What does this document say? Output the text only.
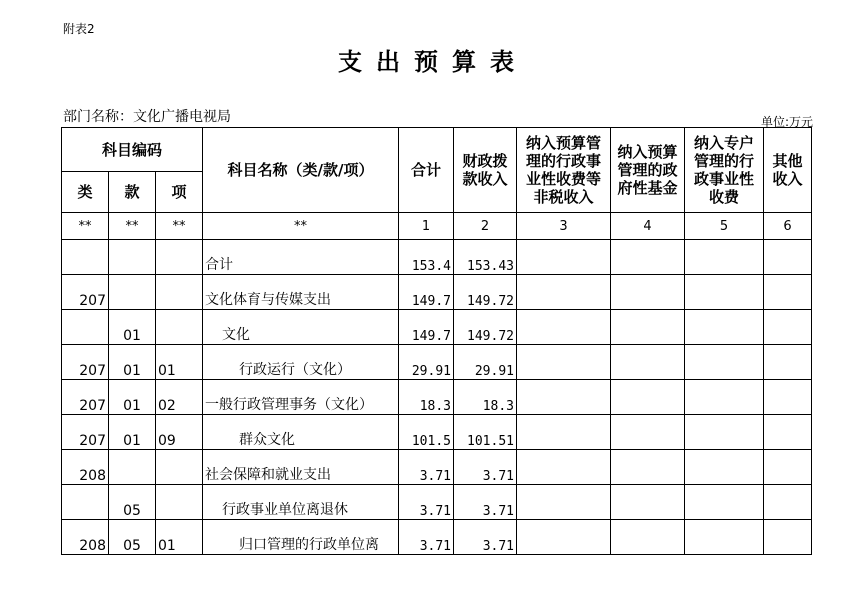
附表2
支出预算表
部门名称：文化广播电视局	单位:万元
科目编码			科目名称（类/款/项）	合计	财政拨款收入	纳入预算管理的行政事业性收费等非税收入	纳入预算管理的政府性基金	纳入专户管理的行政事业性收费	其他收入
类	款	项							
**	**	**	**	1	2	3	4	5	6
			合计	153.4	153.43				
207			文化体育与传媒支出	149.7	149.72				
	01		文化	149.7	149.72				
207	01	01	行政运行（文化）	29.91	29.91				
207	01	02	一般行政管理事务（文化）	18.3	18.3				
207	01	09	群众文化	101.5	101.51				
208			社会保障和就业支出	3.71	3.71				
	05		行政事业单位离退休	3.71	3.71				
208	05	01	归口管理的行政单位离	3.71	3.71				
